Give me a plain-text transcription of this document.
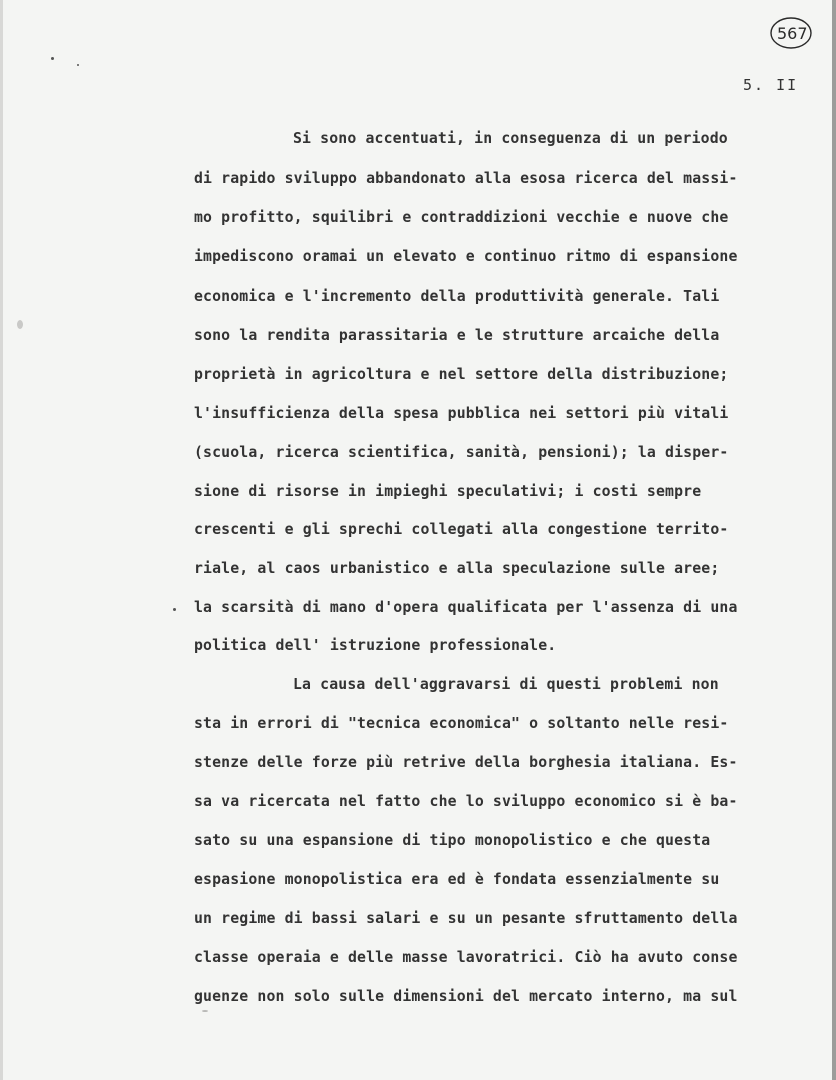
567
5. II
Si sono accentuati, in conseguenza di un periodo
di rapido sviluppo abbandonato alla esosa ricerca del massi-
mo profitto, squilibri e contraddizioni vecchie e nuove che
impediscono oramai un elevato e continuo ritmo di espansione
economica e l'incremento della produttività generale. Tali
sono la rendita parassitaria e le strutture arcaiche della
proprietà in agricoltura e nel settore della distribuzione;
l'insufficienza della spesa pubblica nei settori più vitali
(scuola, ricerca scientifica, sanità, pensioni); la disper-
sione di risorse in impieghi speculativi; i costi sempre
crescenti e gli sprechi collegati alla congestione territo-
riale, al caos urbanistico e alla speculazione sulle aree;
la scarsità di mano d'opera qualificata per l'assenza di una
politica dell' istruzione professionale.
La causa dell'aggravarsi di questi problemi non
sta in errori di "tecnica economica" o soltanto nelle resi-
stenze delle forze più retrive della borghesia italiana. Es-
sa va ricercata nel fatto che lo sviluppo economico si è ba-
sato su una espansione di tipo monopolistico e che questa
espasione monopolistica era ed è fondata essenzialmente su
un regime di bassi salari e su un pesante sfruttamento della
classe operaia e delle masse lavoratrici. Ciò ha avuto conse
guenze non solo sulle dimensioni del mercato interno, ma sul
